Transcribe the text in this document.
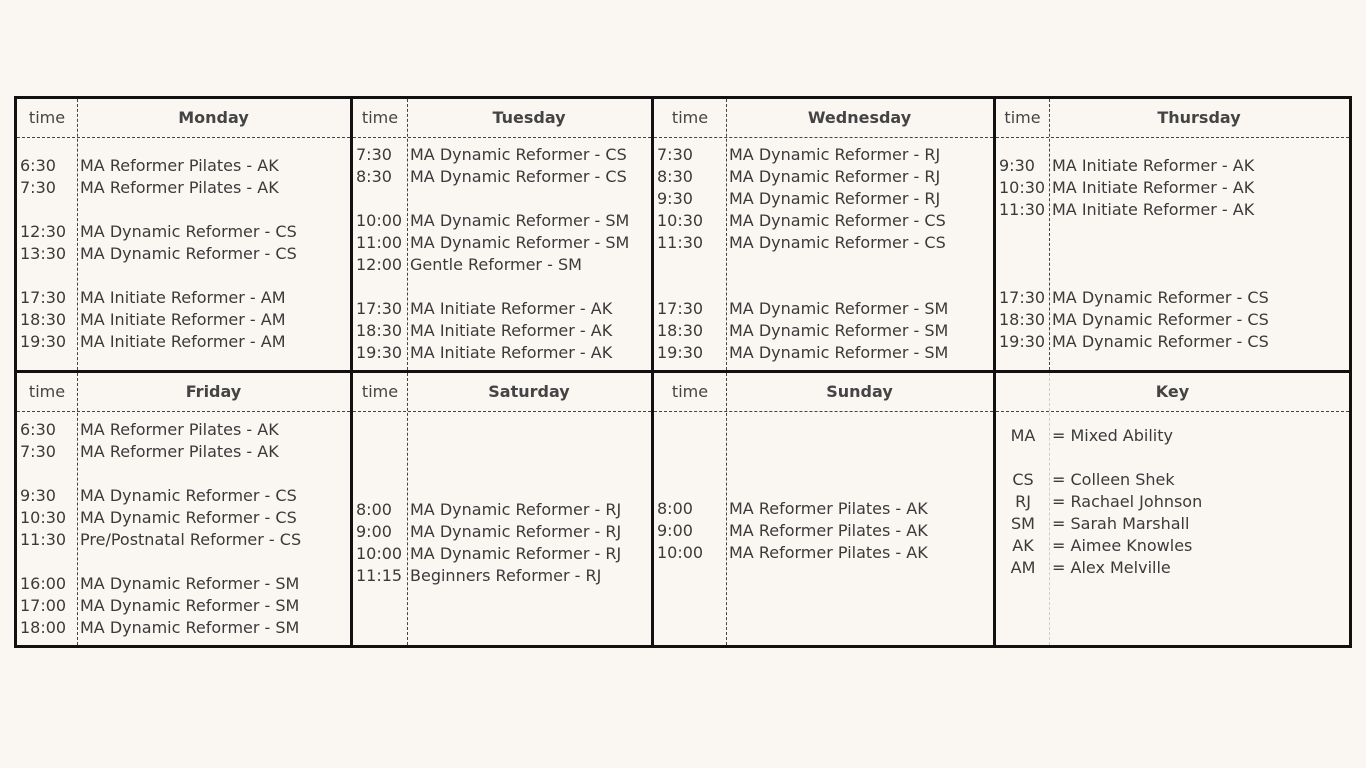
time	Monday
6:30 MA Reformer Pilates - AK
7:30 MA Reformer Pilates - AK
12:30 MA Dynamic Reformer - CS
13:30 MA Dynamic Reformer - CS
17:30 MA Initiate Reformer - AM
18:30 MA Initiate Reformer - AM
19:30 MA Initiate Reformer - AM
time	Tuesday
7:30 MA Dynamic Reformer - CS
8:30 MA Dynamic Reformer - CS
10:00 MA Dynamic Reformer - SM
11:00 MA Dynamic Reformer - SM
12:00 Gentle Reformer - SM
17:30 MA Initiate Reformer - AK
18:30 MA Initiate Reformer - AK
19:30 MA Initiate Reformer - AK
time	Wednesday
7:30 MA Dynamic Reformer - RJ
8:30 MA Dynamic Reformer - RJ
9:30 MA Dynamic Reformer - RJ
10:30 MA Dynamic Reformer - CS
11:30 MA Dynamic Reformer - CS
17:30 MA Dynamic Reformer - SM
18:30 MA Dynamic Reformer - SM
19:30 MA Dynamic Reformer - SM
time	Thursday
9:30 MA Initiate Reformer - AK
10:30 MA Initiate Reformer - AK
11:30 MA Initiate Reformer - AK
17:30 MA Dynamic Reformer - CS
18:30 MA Dynamic Reformer - CS
19:30 MA Dynamic Reformer - CS
time	Friday
6:30 MA Reformer Pilates - AK
7:30 MA Reformer Pilates - AK
9:30 MA Dynamic Reformer - CS
10:30 MA Dynamic Reformer - CS
11:30 Pre/Postnatal Reformer - CS
16:00 MA Dynamic Reformer - SM
17:00 MA Dynamic Reformer - SM
18:00 MA Dynamic Reformer - SM
time	Saturday
8:00 MA Dynamic Reformer - RJ
9:00 MA Dynamic Reformer - RJ
10:00 MA Dynamic Reformer - RJ
11:15 Beginners Reformer - RJ
time	Sunday
8:00 MA Reformer Pilates - AK
9:00 MA Reformer Pilates - AK
10:00 MA Reformer Pilates - AK
Key
MA	= Mixed Ability
CS	= Colleen Shek
RJ	= Rachael Johnson
SM	= Sarah Marshall
AK	= Aimee Knowles
AM	= Alex Melville
